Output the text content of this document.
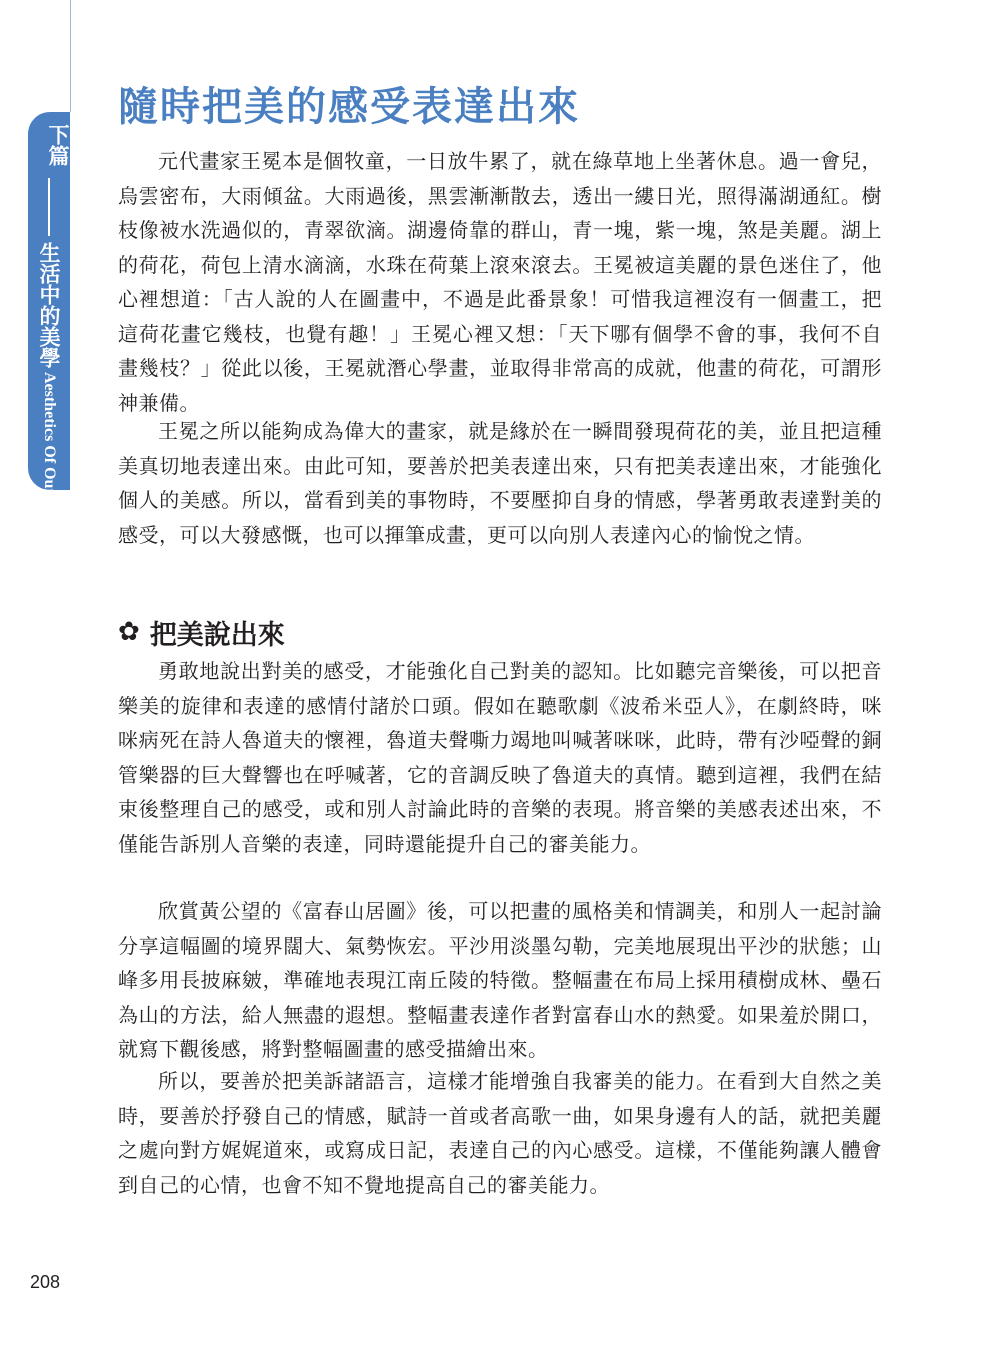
下篇
生活中的美學Aesthetics Of Our Life
隨時把美的感受表達出來

元代畫家王冕本是個牧童，一日放牛累了，就在綠草地上坐著休息。過一會兒，烏雲密布，大雨傾盆。大雨過後，黑雲漸漸散去，透出一縷日光，照得滿湖通紅。樹枝像被水洗過似的，青翠欲滴。湖邊倚靠的群山，青一塊，紫一塊，煞是美麗。湖上的荷花，荷包上清水滴滴，水珠在荷葉上滾來滾去。王冕被這美麗的景色迷住了，他心裡想道：「古人說的人在圖畫中，不過是此番景象！可惜我這裡沒有一個畫工，把這荷花畫它幾枝，也覺有趣！」王冕心裡又想：「天下哪有個學不會的事，我何不自畫幾枝？」從此以後，王冕就潛心學畫，並取得非常高的成就，他畫的荷花，可謂形神兼備。

王冕之所以能夠成為偉大的畫家，就是緣於在一瞬間發現荷花的美，並且把這種美真切地表達出來。由此可知，要善於把美表達出來，只有把美表達出來，才能強化個人的美感。所以，當看到美的事物時，不要壓抑自身的情感，學著勇敢表達對美的感受，可以大發感慨，也可以揮筆成畫，更可以向別人表達內心的愉悅之情。

✿ 把美說出來

勇敢地說出對美的感受，才能強化自己對美的認知。比如聽完音樂後，可以把音樂美的旋律和表達的感情付諸於口頭。假如在聽歌劇《波希米亞人》，在劇終時，咪咪病死在詩人魯道夫的懷裡，魯道夫聲嘶力竭地叫喊著咪咪，此時，帶有沙啞聲的銅管樂器的巨大聲響也在呼喊著，它的音調反映了魯道夫的真情。聽到這裡，我們在結束後整理自己的感受，或和別人討論此時的音樂的表現。將音樂的美感表述出來，不僅能告訴別人音樂的表達，同時還能提升自己的審美能力。

欣賞黃公望的《富春山居圖》後，可以把畫的風格美和情調美，和別人一起討論分享這幅圖的境界闊大、氣勢恢宏。平沙用淡墨勾勒，完美地展現出平沙的狀態；山峰多用長披麻皴，準確地表現江南丘陵的特徵。整幅畫在布局上採用積樹成林、壘石為山的方法，給人無盡的遐想。整幅畫表達作者對富春山水的熱愛。如果羞於開口，就寫下觀後感，將對整幅圖畫的感受描繪出來。

所以，要善於把美訴諸語言，這樣才能增強自我審美的能力。在看到大自然之美時，要善於抒發自己的情感，賦詩一首或者高歌一曲，如果身邊有人的話，就把美麗之處向對方娓娓道來，或寫成日記，表達自己的內心感受。這樣，不僅能夠讓人體會到自己的心情，也會不知不覺地提高自己的審美能力。

208
